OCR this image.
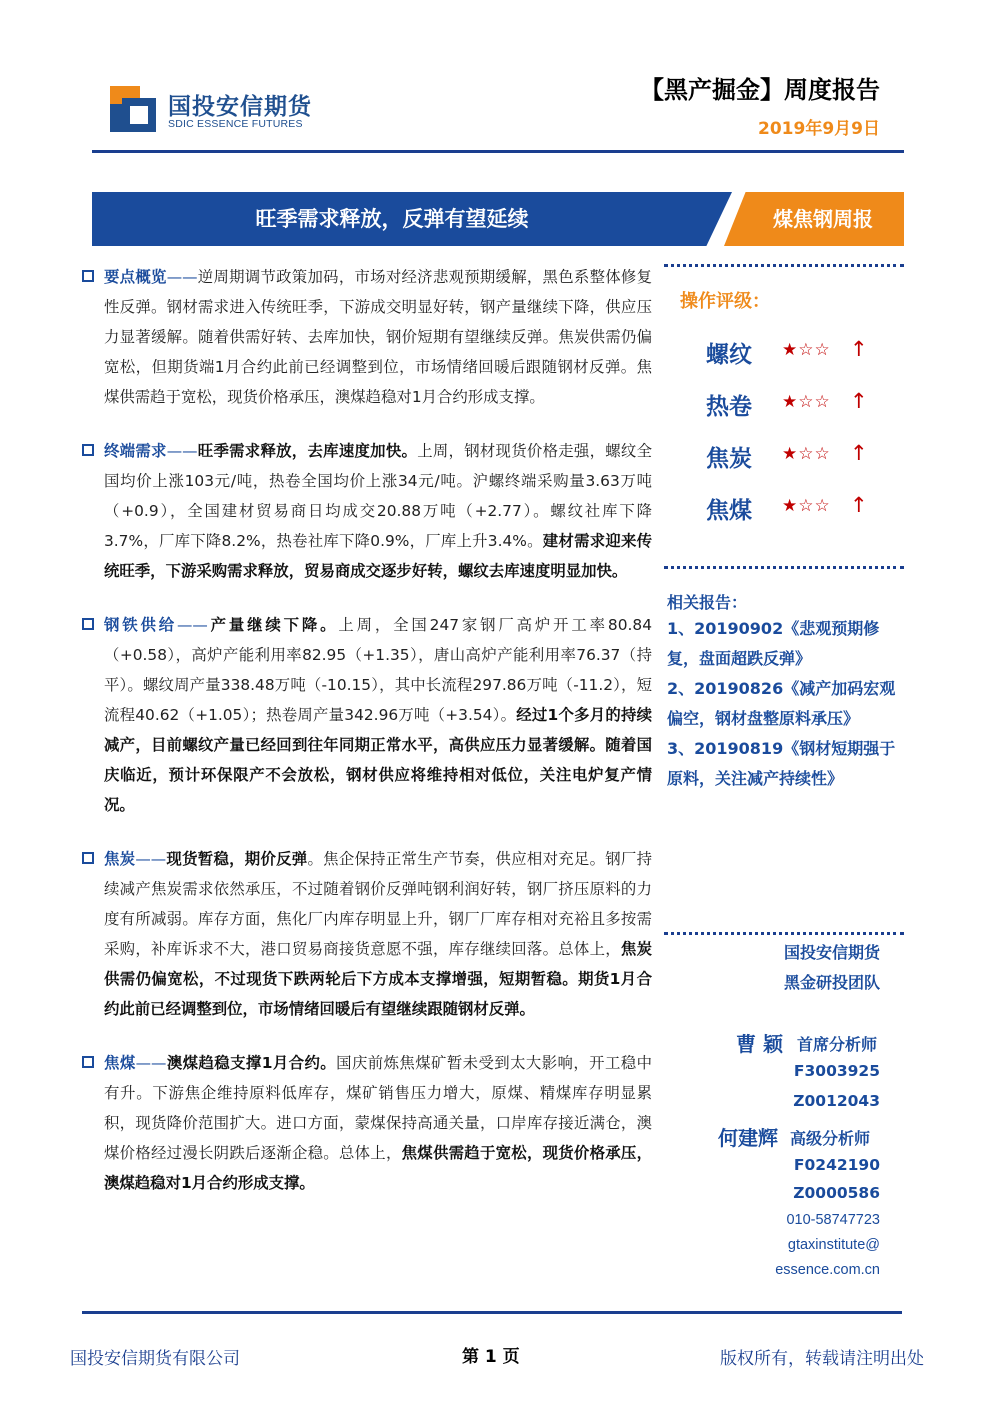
国投安信期货
SDIC ESSENCE FUTURES
【黑产掘金】周度报告
2019年9月9日
旺季需求释放，反弹有望延续	煤焦钢周报
要点概览——逆周期调节政策加码，市场对经济悲观预期缓解，黑色系整体修复性反弹。钢材需求进入传统旺季，下游成交明显好转，钢产量继续下降，供应压力显著缓解。随着供需好转、去库加快，钢价短期有望继续反弹。焦炭供需仍偏宽松，但期货端1月合约此前已经调整到位，市场情绪回暖后跟随钢材反弹。焦煤供需趋于宽松，现货价格承压，澳煤趋稳对1月合约形成支撑。
终端需求——旺季需求释放，去库速度加快。上周，钢材现货价格走强，螺纹全国均价上涨103元/吨，热卷全国均价上涨34元/吨。沪螺终端采购量3.63万吨（+0.9），全国建材贸易商日均成交20.88万吨（+2.77）。螺纹社库下降3.7%，厂库下降8.2%，热卷社库下降0.9%，厂库上升3.4%。建材需求迎来传统旺季，下游采购需求释放，贸易商成交逐步好转，螺纹去库速度明显加快。
钢铁供给——产量继续下降。上周，全国247家钢厂高炉开工率80.84（+0.58），高炉产能利用率82.95（+1.35），唐山高炉产能利用率76.37（持平）。螺纹周产量338.48万吨（-10.15），其中长流程297.86万吨（-11.2），短流程40.62（+1.05）；热卷周产量342.96万吨（+3.54）。经过1个多月的持续减产，目前螺纹产量已经回到往年同期正常水平，高供应压力显著缓解。随着国庆临近，预计环保限产不会放松，钢材供应将维持相对低位，关注电炉复产情况。
焦炭——现货暂稳，期价反弹。焦企保持正常生产节奏，供应相对充足。钢厂持续减产焦炭需求依然承压，不过随着钢价反弹吨钢利润好转，钢厂挤压原料的力度有所减弱。库存方面，焦化厂内库存明显上升，钢厂厂库存相对充裕且多按需采购，补库诉求不大，港口贸易商接货意愿不强，库存继续回落。总体上，焦炭供需仍偏宽松，不过现货下跌两轮后下方成本支撑增强，短期暂稳。期货1月合约此前已经调整到位，市场情绪回暖后有望继续跟随钢材反弹。
焦煤——澳煤趋稳支撑1月合约。国庆前炼焦煤矿暂未受到太大影响，开工稳中有升。下游焦企维持原料低库存，煤矿销售压力增大，原煤、精煤库存明显累积，现货降价范围扩大。进口方面，蒙煤保持高通关量，口岸库存接近满仓，澳煤价格经过漫长阴跌后逐渐企稳。总体上，焦煤供需趋于宽松，现货价格承压，澳煤趋稳对1月合约形成支撑。
操作评级：
螺纹 ★☆☆ ↑
热卷 ★☆☆ ↑
焦炭 ★☆☆ ↑
焦煤 ★☆☆ ↑
相关报告：
1、20190902《悲观预期修复，盘面超跌反弹》
2、20190826《减产加码宏观偏空，钢材盘整原料承压》
3、20190819《钢材短期强于原料，关注减产持续性》
国投安信期货
黑金研投团队
曹 颖 首席分析师
F3003925
Z0012043
何建辉 高级分析师
F0242190
Z0000586
010-58747723
gtaxinstitute@
essence.com.cn
国投安信期货有限公司	第 1 页	版权所有，转载请注明出处
